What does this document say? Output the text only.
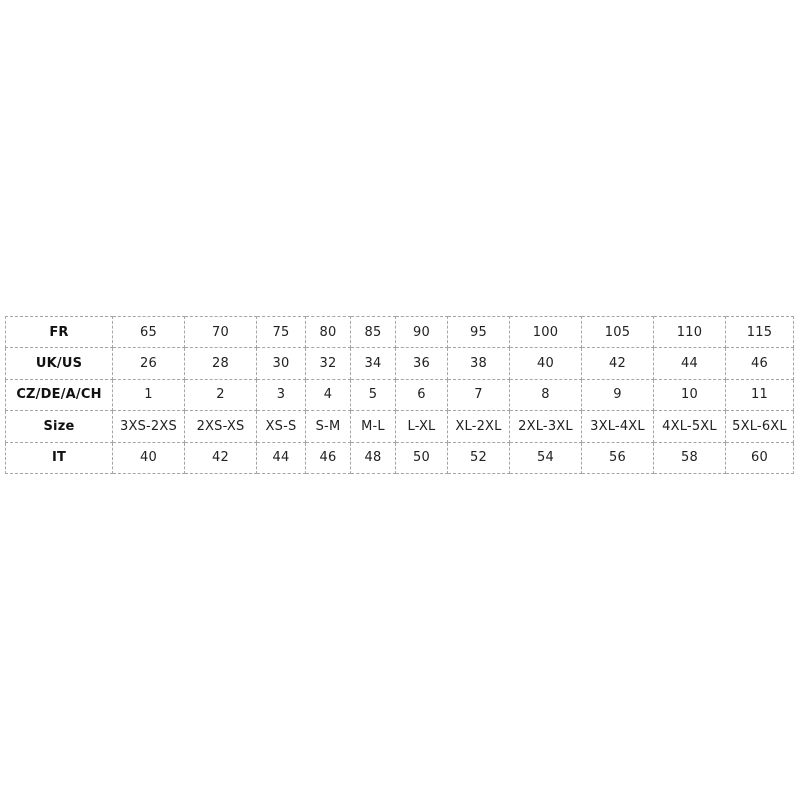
FR	65	70	75	80	85	90	95	100	105	110	115
UK/US	26	28	30	32	34	36	38	40	42	44	46
CZ/DE/A/CH	1	2	3	4	5	6	7	8	9	10	11
Size	3XS-2XS	2XS-XS	XS-S	S-M	M-L	L-XL	XL-2XL	2XL-3XL	3XL-4XL	4XL-5XL	5XL-6XL
IT	40	42	44	46	48	50	52	54	56	58	60
